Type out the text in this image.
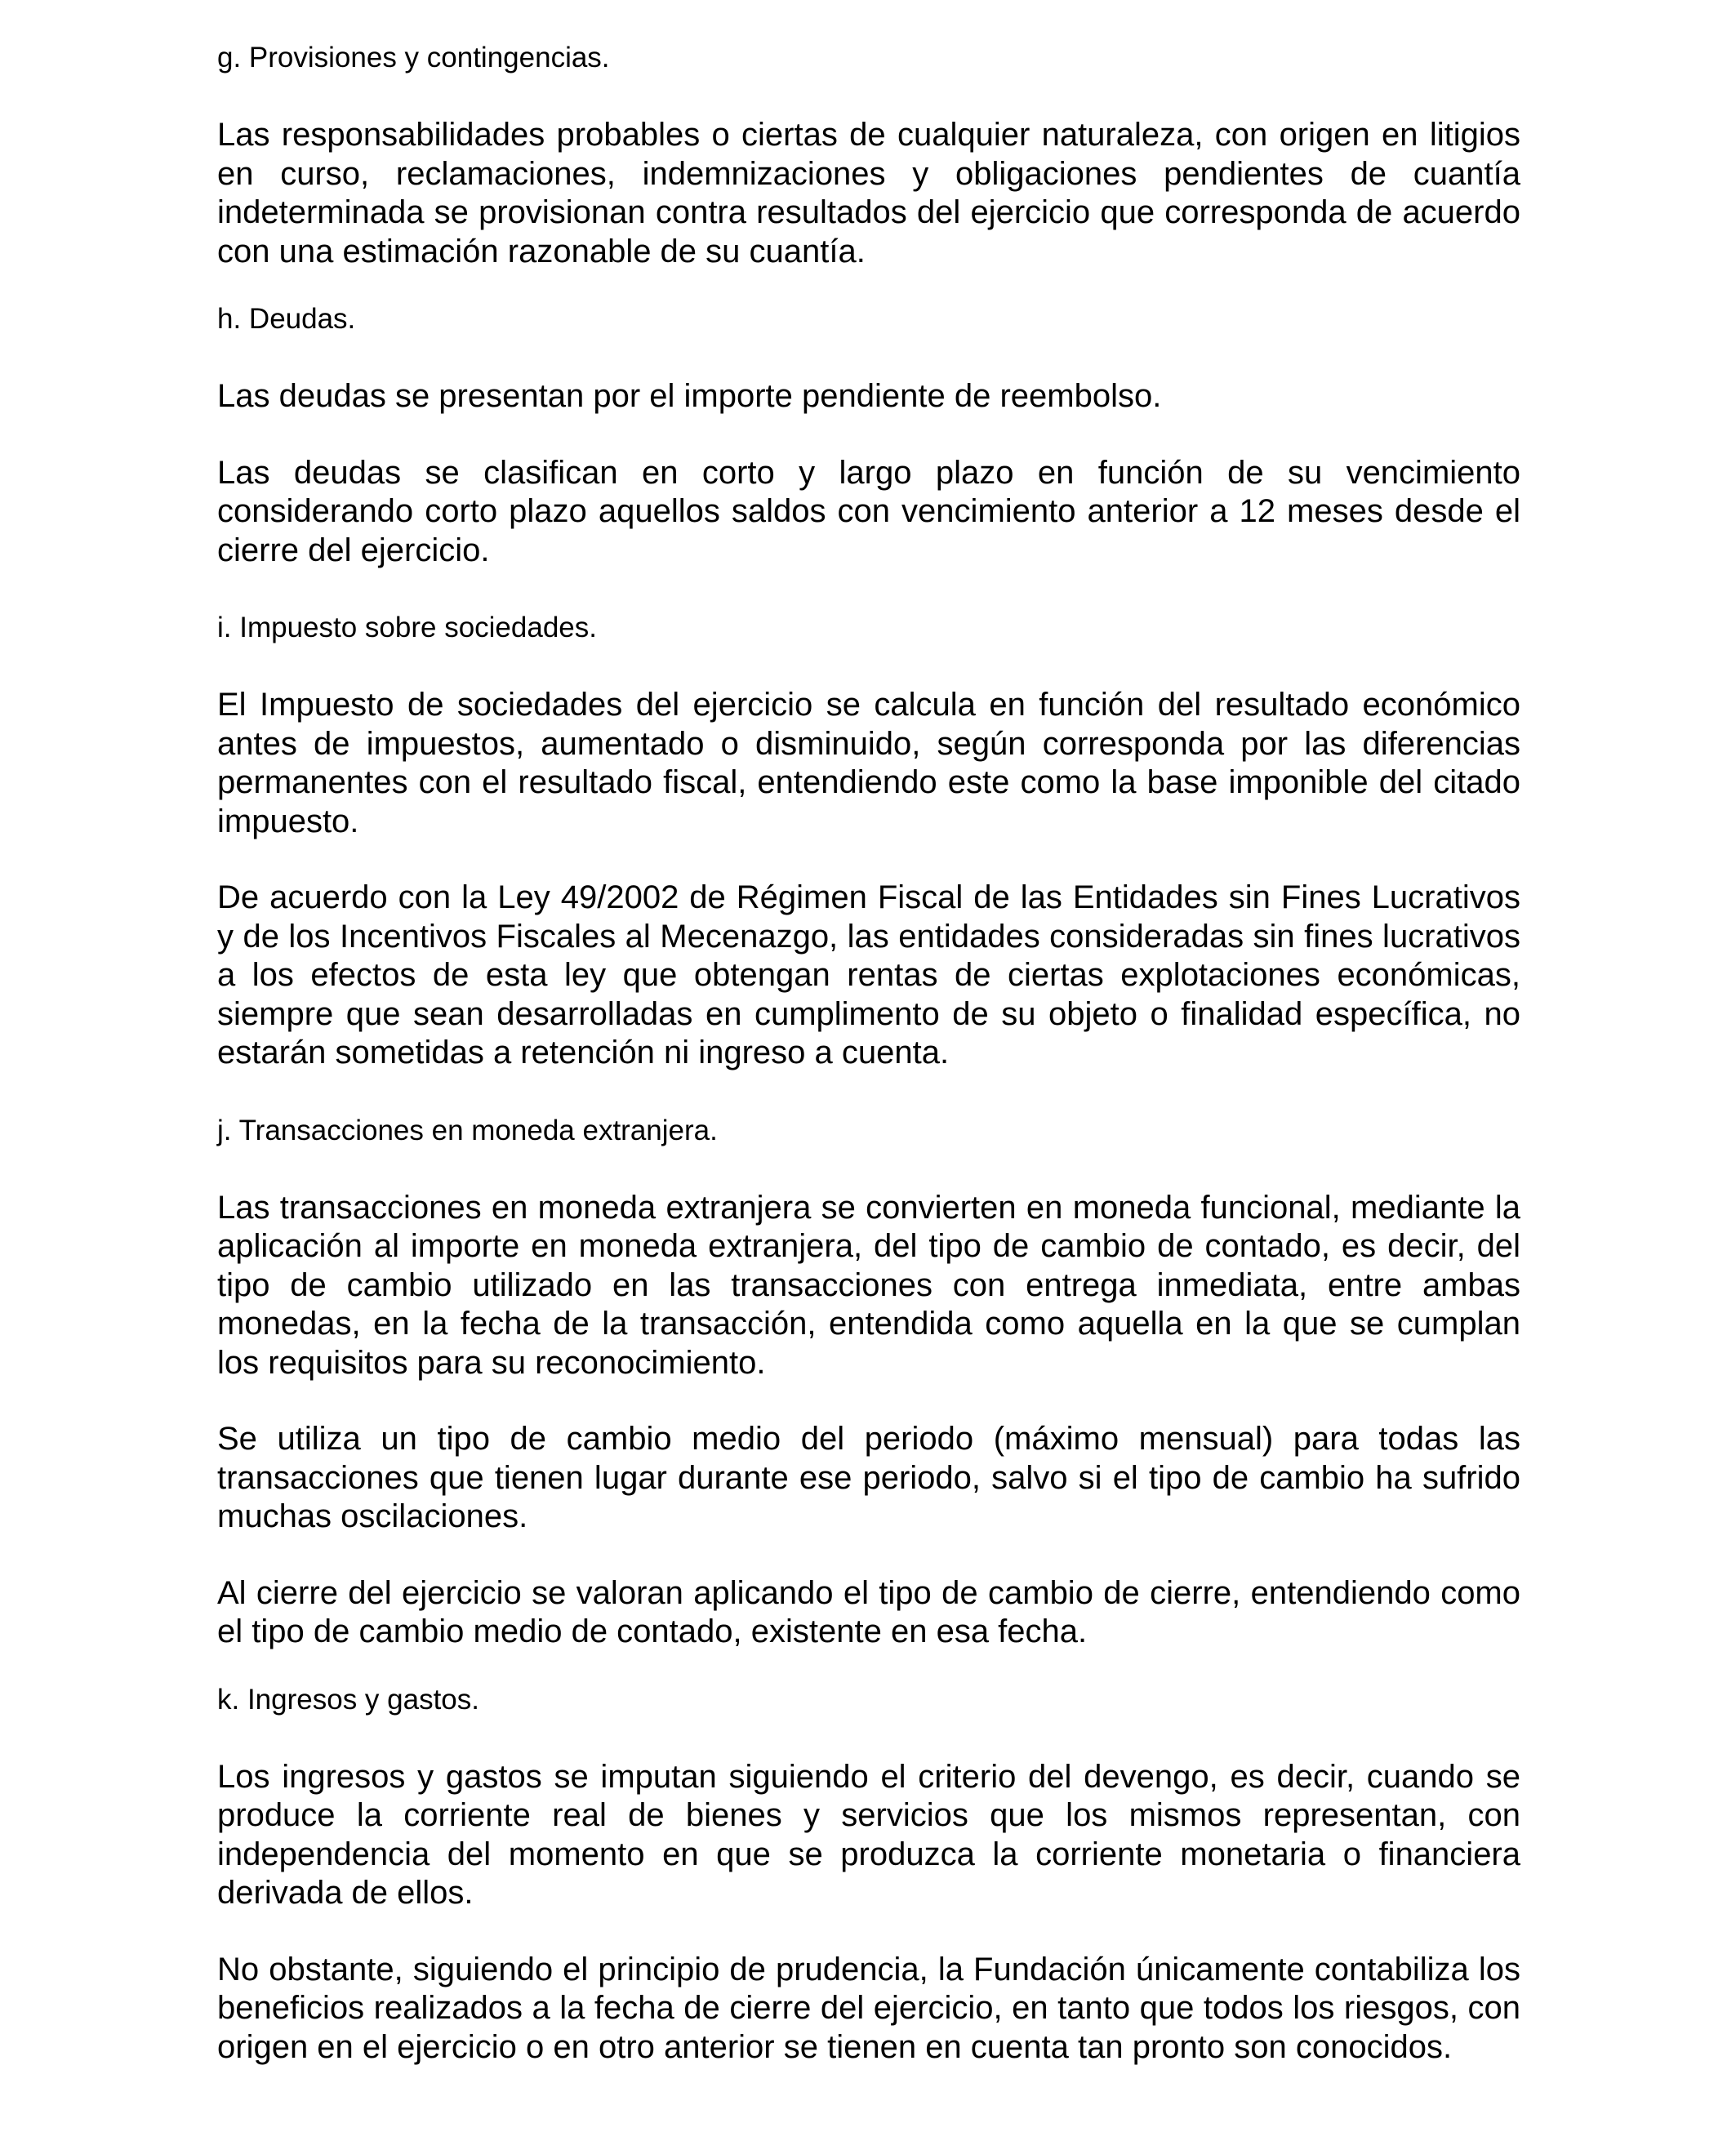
g. Provisiones y contingencias.

Las responsabilidades probables o ciertas de cualquier naturaleza, con origen en litigios en curso, reclamaciones, indemnizaciones y obligaciones pendientes de cuantía indeterminada se provisionan contra resultados del ejercicio que corresponda de acuerdo con una estimación razonable de su cuantía.

h. Deudas.

Las deudas se presentan por el importe pendiente de reembolso.

Las deudas se clasifican en corto y largo plazo en función de su vencimiento considerando corto plazo aquellos saldos con vencimiento anterior a 12 meses desde el cierre del ejercicio.

i. Impuesto sobre sociedades.

El Impuesto de sociedades del ejercicio se calcula en función del resultado económico antes de impuestos, aumentado o disminuido, según corresponda por las diferencias permanentes con el resultado fiscal, entendiendo este como la base imponible del citado impuesto.

De acuerdo con la Ley 49/2002 de Régimen Fiscal de las Entidades sin Fines Lucrativos y de los Incentivos Fiscales al Mecenazgo, las entidades consideradas sin fines lucrativos a los efectos de esta ley que obtengan rentas de ciertas explotaciones económicas, siempre que sean desarrolladas en cumplimento de su objeto o finalidad específica, no estarán sometidas a retención ni ingreso a cuenta.

j. Transacciones en moneda extranjera.

Las transacciones en moneda extranjera se convierten en moneda funcional, mediante la aplicación al importe en moneda extranjera, del tipo de cambio de contado, es decir, del tipo de cambio utilizado en las transacciones con entrega inmediata, entre ambas monedas, en la fecha de la transacción, entendida como aquella en la que se cumplan los requisitos para su reconocimiento.

Se utiliza un tipo de cambio medio del periodo (máximo mensual) para todas las transacciones que tienen lugar durante ese periodo, salvo si el tipo de cambio ha sufrido muchas oscilaciones.

Al cierre del ejercicio se valoran aplicando el tipo de cambio de cierre, entendiendo como el tipo de cambio medio de contado, existente en esa fecha.

k. Ingresos y gastos.

Los ingresos y gastos se imputan siguiendo el criterio del devengo, es decir, cuando se produce la corriente real de bienes y servicios que los mismos representan, con independencia del momento en que se produzca la corriente monetaria o financiera derivada de ellos.

No obstante, siguiendo el principio de prudencia, la Fundación únicamente contabiliza los beneficios realizados a la fecha de cierre del ejercicio, en tanto que todos los riesgos, con origen en el ejercicio o en otro anterior se tienen en cuenta tan pronto son conocidos.
